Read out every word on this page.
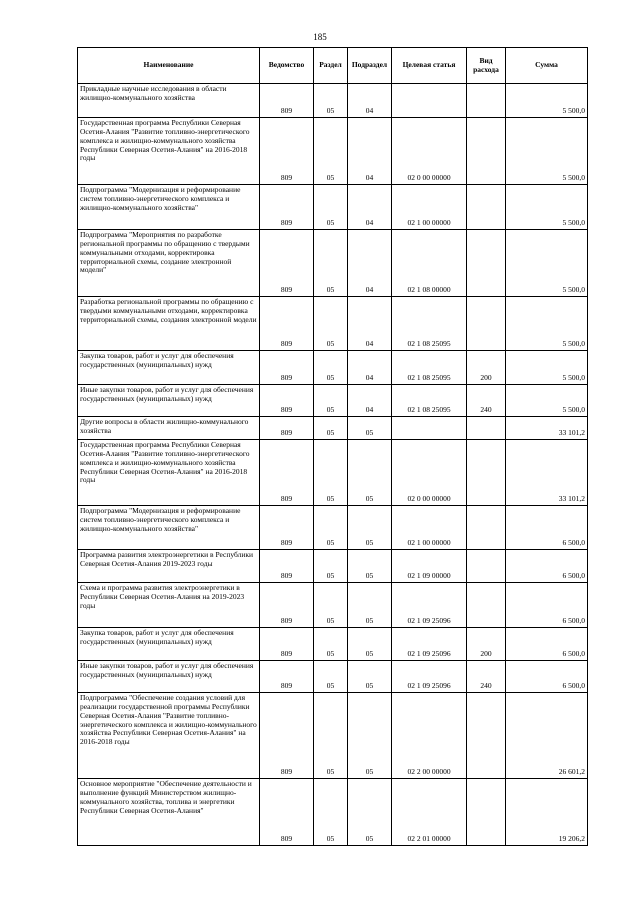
185
Наименование	Ведомство	Раздел	Подраздел	Целевая статья	Вид расхода	Сумма
Прикладные научные исследования в области жилищно-коммунального хозяйства	809	05	04			5 500,0
Государственная программа Республики Северная Осетия-Алания "Развитие топливно-энергетического комплекса и жилищно-коммунального хозяйства Республики Северная Осетия-Алания" на 2016-2018 годы	809	05	04	02 0 00 00000		5 500,0
Подпрограмма "Модернизация и реформирование систем топливно-энергетического комплекса и жилищно-коммунального хозяйства"	809	05	04	02 1 00 00000		5 500,0
Подпрограмма "Мероприятия по разработке региональной программы по обращению с твердыми коммунальными отходами, корректировка территориальной схемы, создание электронной модели"	809	05	04	02 1 08 00000		5 500,0
Разработка региональной программы по обращению с твердыми коммунальными отходами, корректировка территориальной схемы, создания электронной модели	809	05	04	02 1 08 25095		5 500,0
Закупка товаров, работ и услуг для обеспечения государственных (муниципальных) нужд	809	05	04	02 1 08 25095	200	5 500,0
Иные закупки товаров, работ и услуг для обеспечения государственных (муниципальных) нужд	809	05	04	02 1 08 25095	240	5 500,0
Другие вопросы в области жилищно-коммунального хозяйства	809	05	05			33 101,2
Государственная программа Республики Северная Осетия-Алания "Развитие топливно-энергетического комплекса и жилищно-коммунального хозяйства Республики Северная Осетия-Алания" на 2016-2018 годы	809	05	05	02 0 00 00000		33 101,2
Подпрограмма "Модернизация и реформирование систем топливно-энергетического комплекса и жилищно-коммунального хозяйства"	809	05	05	02 1 00 00000		6 500,0
Программа развития электроэнергетики в Республики Северная Осетия-Алания 2019-2023 годы	809	05	05	02 1 09 00000		6 500,0
Схема и программа развития электроэнергетики в Республики Северная Осетия-Алания на 2019-2023 годы	809	05	05	02 1 09 25096		6 500,0
Закупка товаров, работ и услуг для обеспечения государственных (муниципальных) нужд	809	05	05	02 1 09 25096	200	6 500,0
Иные закупки товаров, работ и услуг для обеспечения государственных (муниципальных) нужд	809	05	05	02 1 09 25096	240	6 500,0
Подпрограмма "Обеспечение создания условий для реализации государственной программы Республики Северная Осетия-Алания "Развитие топливно-энергетического комплекса и жилищно-коммунального хозяйства Республики Северная Осетия-Алания" на 2016-2018 годы	809	05	05	02 2 00 00000		26 601,2
Основное мероприятие "Обеспечение деятельности и выполнение функций Министерством жилищно-коммунального хозяйства, топлива и энергетики Республики Северная Осетия-Алания"	809	05	05	02 2 01 00000		19 206,2
